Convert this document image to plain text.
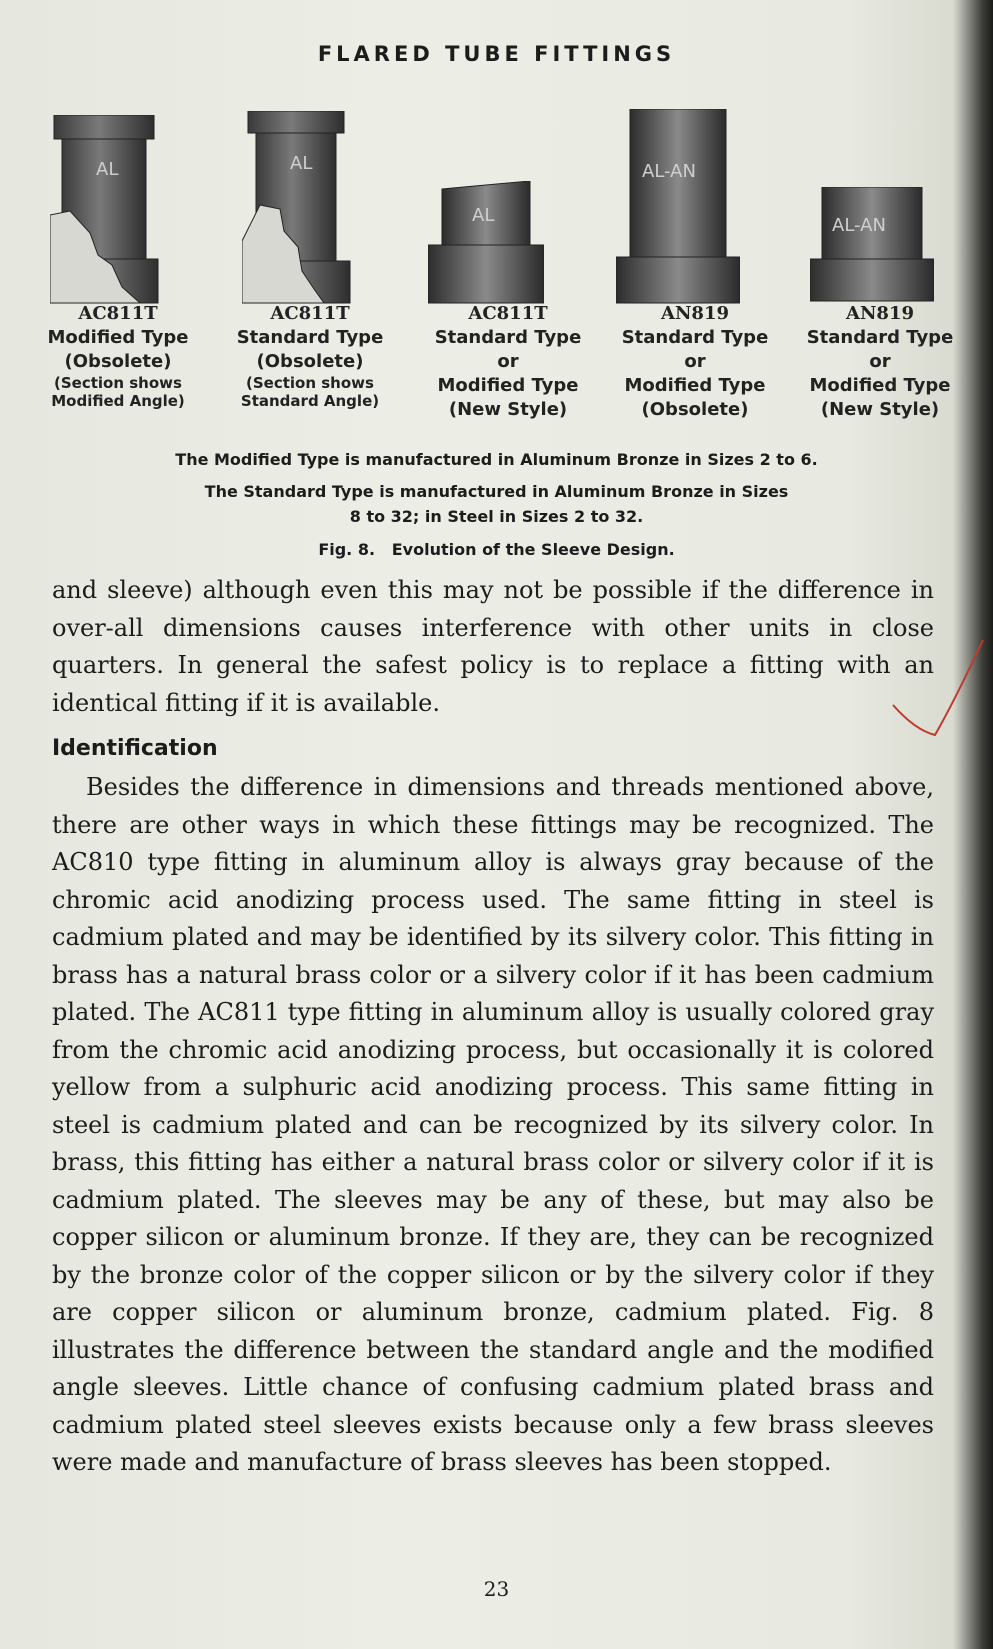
FLARED TUBE FITTINGS
AL	AL
AL
AL-AN
AL-AN
AC811T
Modified Type
(Obsolete)
(Section shows
Modified Angle)
AC811T
Standard Type
(Obsolete)
(Section shows
Standard Angle)
AC811T
Standard Type
or
Modified Type
(New Style)
AN819
Standard Type
or
Modified Type
(Obsolete)
AN819
Standard Type
or
Modified Type
(New Style)
The Modified Type is manufactured in Aluminum Bronze in Sizes 2 to 6.
The Standard Type is manufactured in Aluminum Bronze in Sizes
8 to 32; in Steel in Sizes 2 to 32.
Fig. 8.   Evolution of the Sleeve Design.
and sleeve) although even this may not be possible if the difference in over-all dimensions causes interference with other units in close quarters. In general the safest policy is to replace a fitting with an identical fitting if it is available.
Identification
Besides the difference in dimensions and threads mentioned above, there are other ways in which these fittings may be recognized. The AC810 type fitting in aluminum alloy is always gray because of the chromic acid anodizing process used. The same fitting in steel is cadmium plated and may be identified by its silvery color. This fitting in brass has a natural brass color or a silvery color if it has been cadmium plated. The AC811 type fitting in aluminum alloy is usually colored gray from the chromic acid anodizing process, but occasionally it is colored yellow from a sulphuric acid anodizing process. This same fitting in steel is cadmium plated and can be recognized by its silvery color. In brass, this fitting has either a natural brass color or silvery color if it is cadmium plated. The sleeves may be any of these, but may also be copper silicon or aluminum bronze. If they are, they can be recognized by the bronze color of the copper silicon or by the silvery color if they are copper silicon or aluminum bronze, cadmium plated. Fig. 8 illustrates the difference between the standard angle and the modified angle sleeves. Little chance of confusing cadmium plated brass and cadmium plated steel sleeves exists because only a few brass sleeves were made and manufacture of brass sleeves has been stopped.
23
